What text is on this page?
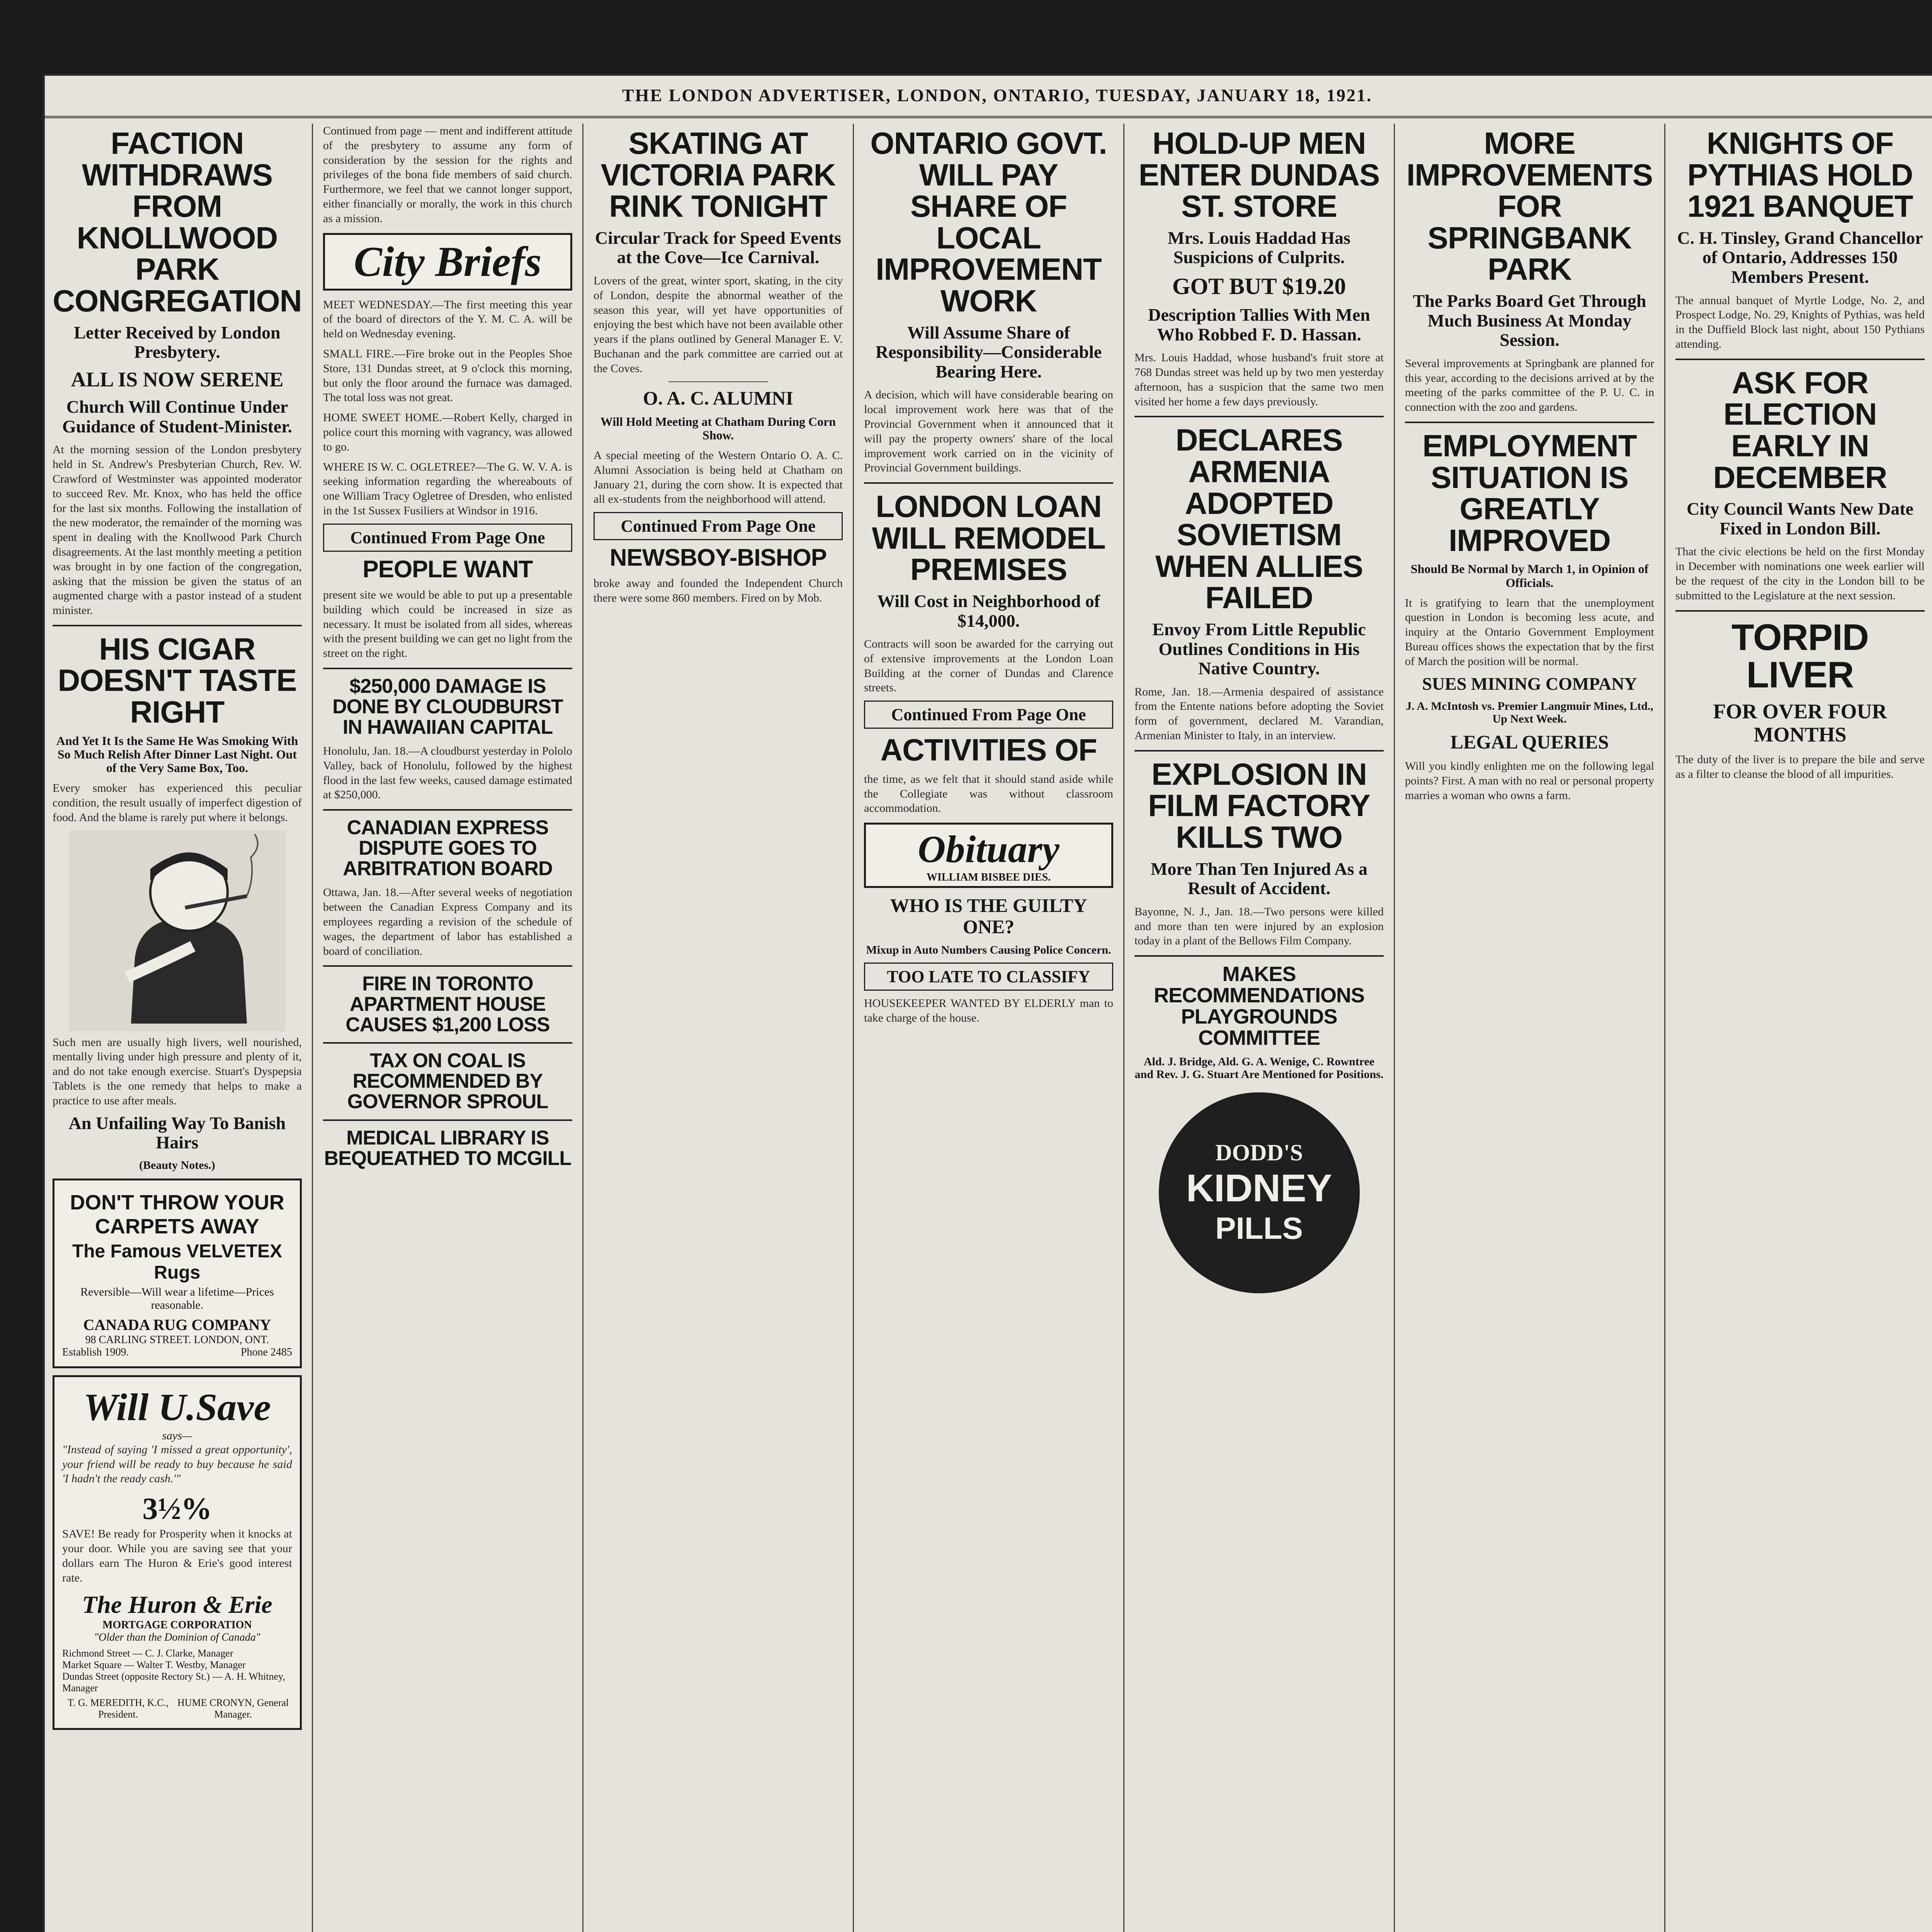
THE LONDON ADVERTISER, LONDON, ONTARIO, TUESDAY, JANUARY 18, 1921.
FACTION WITHDRAWS FROM KNOLLWOOD PARK CONGREGATION
Letter Received by London Presbytery.
ALL IS NOW SERENE
Church Will Continue Under Guidance of Student-Minister.

At the morning session of the London presbytery held in St. Andrew's Presbyterian Church, Rev. W. Crawford of Westminster was appointed moderator to succeed Rev. Mr. Knox, who has held the office for the last six months. Following the installation of the new moderator, the remainder of the morning was spent in dealing with the Knollwood Park Church disagreements. At the last monthly meeting a petition was brought in by one faction of the congregation, asking that the mission be given the status of an augmented charge with a pastor instead of a student minister.

HIS CIGAR DOESN'T TASTE RIGHT
And Yet It Is the Same He Was Smoking With So Much Relish After Dinner Last Night. Out of the Very Same Box, Too.

Every smoker has experienced this peculiar condition, the result usually of imperfect digestion of food. And the blame is rarely put where it belongs.

Such men are usually high livers, well nourished, mentally living under high pressure and plenty of it, and do not take enough exercise. Stuart's Dyspepsia Tablets is the one remedy that helps to make a practice to use after meals.

An Unfailing Way To Banish Hairs
(Beauty Notes.)
DON'T THROW YOUR CARPETS AWAY
The Famous VELVETEX Rugs
Reversible—Will wear a lifetime—Prices reasonable.
CANADA RUG COMPANY
98 CARLING STREET. LONDON, ONT.
Establish 1909.	Phone 2485
Will U.Save
says—

"Instead of saying 'I missed a great opportunity', your friend will be ready to buy because he said 'I hadn't the ready cash.'"

3½%

SAVE! Be ready for Prosperity when it knocks at your door. While you are saving see that your dollars earn The Huron & Erie's good interest rate.

The Huron & Erie
MORTGAGE CORPORATION
"Older than the Dominion of Canada"
Richmond Street — C. J. Clarke, Manager
Market Square — Walter T. Westby, Manager
Dundas Street (opposite Rectory St.) — A. H. Whitney, Manager
T. G. MEREDITH, K.C., President.
HUME CRONYN, General Manager.

Continued from page — ment and indifferent attitude of the presbytery to assume any form of consideration by the session for the rights and privileges of the bona fide members of said church. Furthermore, we feel that we cannot longer support, either financially or morally, the work in this church as a mission.

City Briefs

MEET WEDNESDAY.—The first meeting this year of the board of directors of the Y. M. C. A. will be held on Wednesday evening.

SMALL FIRE.—Fire broke out in the Peoples Shoe Store, 131 Dundas street, at 9 o'clock this morning, but only the floor around the furnace was damaged. The total loss was not great.

HOME SWEET HOME.—Robert Kelly, charged in police court this morning with vagrancy, was allowed to go.

WHERE IS W. C. OGLETREE?—The G. W. V. A. is seeking information regarding the whereabouts of one William Tracy Ogletree of Dresden, who enlisted in the 1st Sussex Fusiliers at Windsor in 1916.

Continued From Page One
PEOPLE WANT

present site we would be able to put up a presentable building which could be increased in size as necessary. It must be isolated from all sides, whereas with the present building we can get no light from the street on the right.

$250,000 DAMAGE IS DONE BY CLOUDBURST IN HAWAIIAN CAPITAL

Honolulu, Jan. 18.—A cloudburst yesterday in Pololo Valley, back of Honolulu, followed by the highest flood in the last few weeks, caused damage estimated at $250,000.

CANADIAN EXPRESS DISPUTE GOES TO ARBITRATION BOARD

Ottawa, Jan. 18.—After several weeks of negotiation between the Canadian Express Company and its employees regarding a revision of the schedule of wages, the department of labor has established a board of conciliation.

FIRE IN TORONTO APARTMENT HOUSE CAUSES $1,200 LOSS
TAX ON COAL IS RECOMMENDED BY GOVERNOR SPROUL
MEDICAL LIBRARY IS BEQUEATHED TO MCGILL
SKATING AT VICTORIA PARK RINK TONIGHT
Circular Track for Speed Events at the Cove—Ice Carnival.

Lovers of the great, winter sport, skating, in the city of London, despite the abnormal weather of the season this year, will yet have opportunities of enjoying the best which have not been available other years if the plans outlined by General Manager E. V. Buchanan and the park committee are carried out at the Coves.

O. A. C. ALUMNI
Will Hold Meeting at Chatham During Corn Show.

A special meeting of the Western Ontario O. A. C. Alumni Association is being held at Chatham on January 21, during the corn show. It is expected that all ex-students from the neighborhood will attend.

Continued From Page One
NEWSBOY-BISHOP

broke away and founded the Independent Church there were some 860 members. Fired on by Mob.

ONTARIO GOVT. WILL PAY SHARE OF LOCAL IMPROVEMENT WORK
Will Assume Share of Responsibility—Considerable Bearing Here.

A decision, which will have considerable bearing on local improvement work here was that of the Provincial Government when it announced that it will pay the property owners' share of the local improvement work carried on in the vicinity of Provincial Government buildings.

LONDON LOAN WILL REMODEL PREMISES
Will Cost in Neighborhood of $14,000.

Contracts will soon be awarded for the carrying out of extensive improvements at the London Loan Building at the corner of Dundas and Clarence streets.

Continued From Page One
ACTIVITIES OF

the time, as we felt that it should stand aside while the Collegiate was without classroom accommodation.

Obituary
WILLIAM BISBEE DIES.
WHO IS THE GUILTY ONE?
Mixup in Auto Numbers Causing Police Concern.
TOO LATE TO CLASSIFY

HOUSEKEEPER WANTED BY ELDERLY man to take charge of the house.

HOLD-UP MEN ENTER DUNDAS ST. STORE
Mrs. Louis Haddad Has Suspicions of Culprits.
GOT BUT $19.20
Description Tallies With Men Who Robbed F. D. Hassan.

Mrs. Louis Haddad, whose husband's fruit store at 768 Dundas street was held up by two men yesterday afternoon, has a suspicion that the same two men visited her home a few days previously.

DECLARES ARMENIA ADOPTED SOVIETISM WHEN ALLIES FAILED
Envoy From Little Republic Outlines Conditions in His Native Country.

Rome, Jan. 18.—Armenia despaired of assistance from the Entente nations before adopting the Soviet form of government, declared M. Varandian, Armenian Minister to Italy, in an interview.

EXPLOSION IN FILM FACTORY KILLS TWO
More Than Ten Injured As a Result of Accident.

Bayonne, N. J., Jan. 18.—Two persons were killed and more than ten were injured by an explosion today in a plant of the Bellows Film Company.

MAKES RECOMMENDATIONS PLAYGROUNDS COMMITTEE
Ald. J. Bridge, Ald. G. A. Wenige, C. Rowntree and Rev. J. G. Stuart Are Mentioned for Positions.
DODD'S
KIDNEY
PILLS
MORE IMPROVEMENTS FOR SPRINGBANK PARK
The Parks Board Get Through Much Business At Monday Session.

Several improvements at Springbank are planned for this year, according to the decisions arrived at by the meeting of the parks committee of the P. U. C. in connection with the zoo and gardens.

EMPLOYMENT SITUATION IS GREATLY IMPROVED
Should Be Normal by March 1, in Opinion of Officials.

It is gratifying to learn that the unemployment question in London is becoming less acute, and inquiry at the Ontario Government Employment Bureau offices shows the expectation that by the first of March the position will be normal.

SUES MINING COMPANY
J. A. McIntosh vs. Premier Langmuir Mines, Ltd., Up Next Week.
LEGAL QUERIES

Will you kindly enlighten me on the following legal points? First. A man with no real or personal property marries a woman who owns a farm.

KNIGHTS OF PYTHIAS HOLD 1921 BANQUET
C. H. Tinsley, Grand Chancellor of Ontario, Addresses 150 Members Present.

The annual banquet of Myrtle Lodge, No. 2, and Prospect Lodge, No. 29, Knights of Pythias, was held in the Duffield Block last night, about 150 Pythians attending.

ASK FOR ELECTION EARLY IN DECEMBER
City Council Wants New Date Fixed in London Bill.

That the civic elections be held on the first Monday in December with nominations one week earlier will be the request of the city in the London bill to be submitted to the Legislature at the next session.

TORPID LIVER
FOR OVER FOUR MONTHS

The duty of the liver is to prepare the bile and serve as a filter to cleanse the blood of all impurities.
